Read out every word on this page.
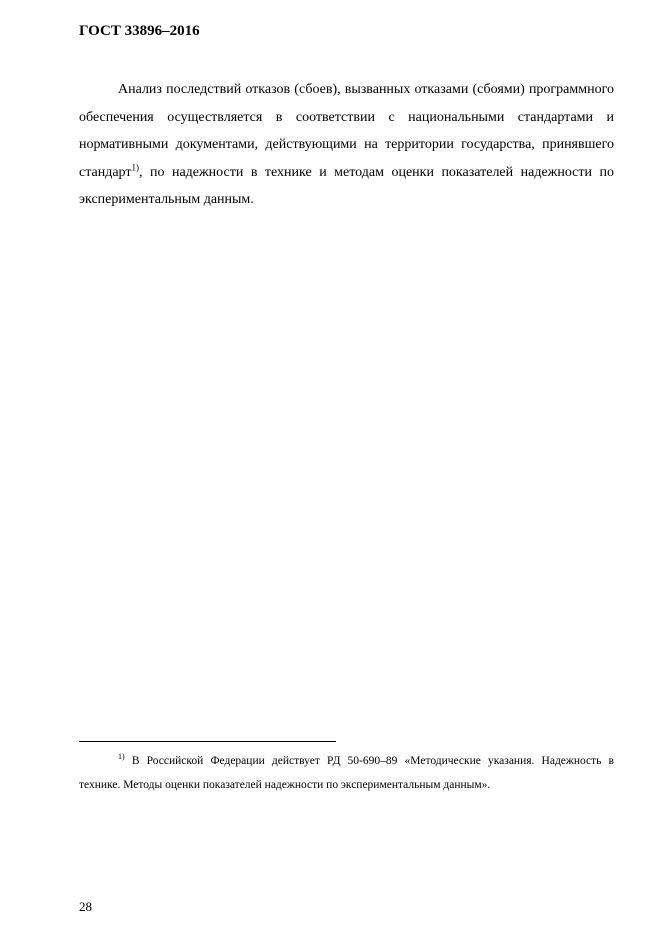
ГОСТ 33896–2016

Анализ последствий отказов (сбоев), вызванных отказами (сбоями) программного обеспечения осуществляется в соответствии с национальными стандартами и нормативными документами, действующими на территории государства, принявшего стандарт$^{1)}$, по надежности в технике и методам оценки показателей надежности по экспериментальным данным.

$^{1)}$ В Российской Федерации действует РД 50-690–89 «Методические указания. Надежность в технике. Методы оценки показателей надежности по экспериментальным данным».

28
